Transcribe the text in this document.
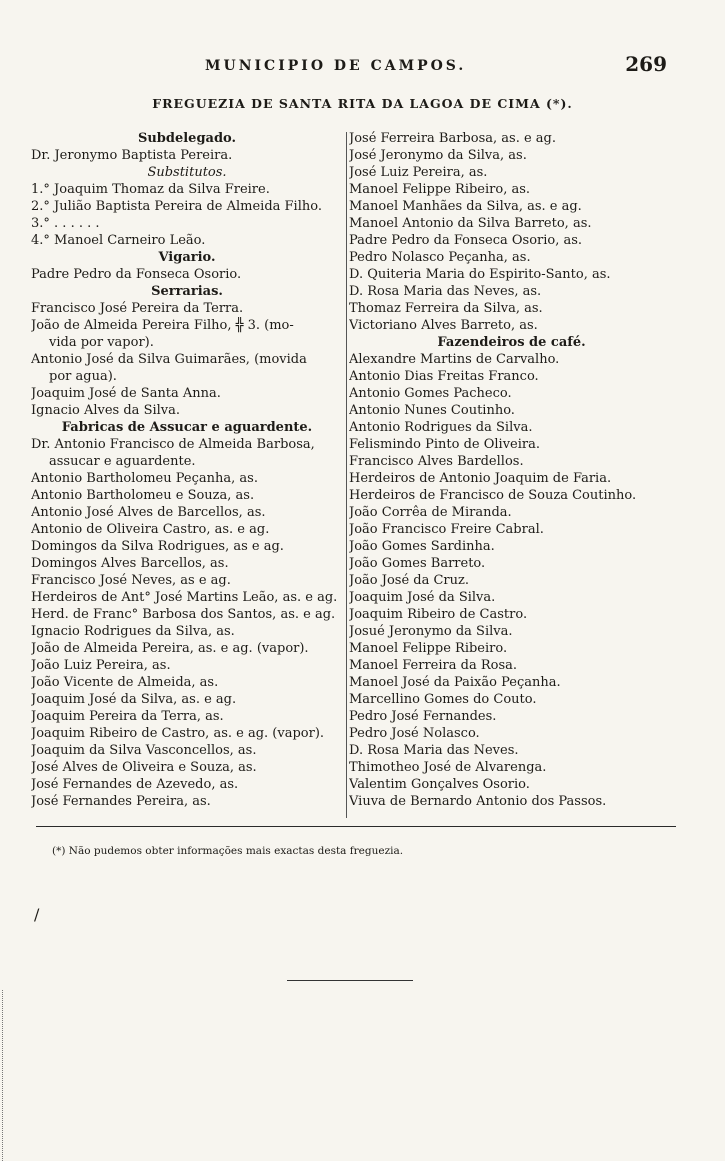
MUNICIPIO DE CAMPOS.	269
FREGUEZIA DE SANTA RITA DA LAGOA DE CIMA (*).
Subdelegado.
Dr. Jeronymo Baptista Pereira.
Substitutos.
1.° Joaquim Thomaz da Silva Freire.
2.° Julião Baptista Pereira de Almeida Filho.
3.° . . . . . .
4.° Manoel Carneiro Leão.
Vigario.
Padre Pedro da Fonseca Osorio.
Serrarias.
Francisco José Pereira da Terra.
João de Almeida Pereira Filho, ╬ 3. (mo-
vida por vapor).
Antonio José da Silva Guimarães, (movida
por agua).
Joaquim José de Santa Anna.
Ignacio Alves da Silva.
Fabricas de Assucar e aguardente.
Dr. Antonio Francisco de Almeida Barbosa,
assucar e aguardente.
Antonio Bartholomeu Peçanha, as.
Antonio Bartholomeu e Souza, as.
Antonio José Alves de Barcellos, as.
Antonio de Oliveira Castro, as. e ag.
Domingos da Silva Rodrigues, as e ag.
Domingos Alves Barcellos, as.
Francisco José Neves, as e ag.
Herdeiros de Ant° José Martins Leão, as. e ag.
Herd. de Franc° Barbosa dos Santos, as. e ag.
Ignacio Rodrigues da Silva, as.
João de Almeida Pereira, as. e ag. (vapor).
João Luiz Pereira, as.
João Vicente de Almeida, as.
Joaquim José da Silva, as. e ag.
Joaquim Pereira da Terra, as.
Joaquim Ribeiro de Castro, as. e ag. (vapor).
Joaquim da Silva Vasconcellos, as.
José Alves de Oliveira e Souza, as.
José Fernandes de Azevedo, as.
José Fernandes Pereira, as.
José Ferreira Barbosa, as. e ag.
José Jeronymo da Silva, as.
José Luiz Pereira, as.
Manoel Felippe Ribeiro, as.
Manoel Manhães da Silva, as. e ag.
Manoel Antonio da Silva Barreto, as.
Padre Pedro da Fonseca Osorio, as.
Pedro Nolasco Peçanha, as.
D. Quiteria Maria do Espirito-Santo, as.
D. Rosa Maria das Neves, as.
Thomaz Ferreira da Silva, as.
Victoriano Alves Barreto, as.
Fazendeiros de café.
Alexandre Martins de Carvalho.
Antonio Dias Freitas Franco.
Antonio Gomes Pacheco.
Antonio Nunes Coutinho.
Antonio Rodrigues da Silva.
Felismindo Pinto de Oliveira.
Francisco Alves Bardellos.
Herdeiros de Antonio Joaquim de Faria.
Herdeiros de Francisco de Souza Coutinho.
João Corrêa de Miranda.
João Francisco Freire Cabral.
João Gomes Sardinha.
João Gomes Barreto.
João José da Cruz.
Joaquim José da Silva.
Joaquim Ribeiro de Castro.
Josué Jeronymo da Silva.
Manoel Felippe Ribeiro.
Manoel Ferreira da Rosa.
Manoel José da Paixão Peçanha.
Marcellino Gomes do Couto.
Pedro José Fernandes.
Pedro José Nolasco.
D. Rosa Maria das Neves.
Thimotheo José de Alvarenga.
Valentim Gonçalves Osorio.
Viuva de Bernardo Antonio dos Passos.
(*) Não pudemos obter informações mais exactas desta freguezia.
/
